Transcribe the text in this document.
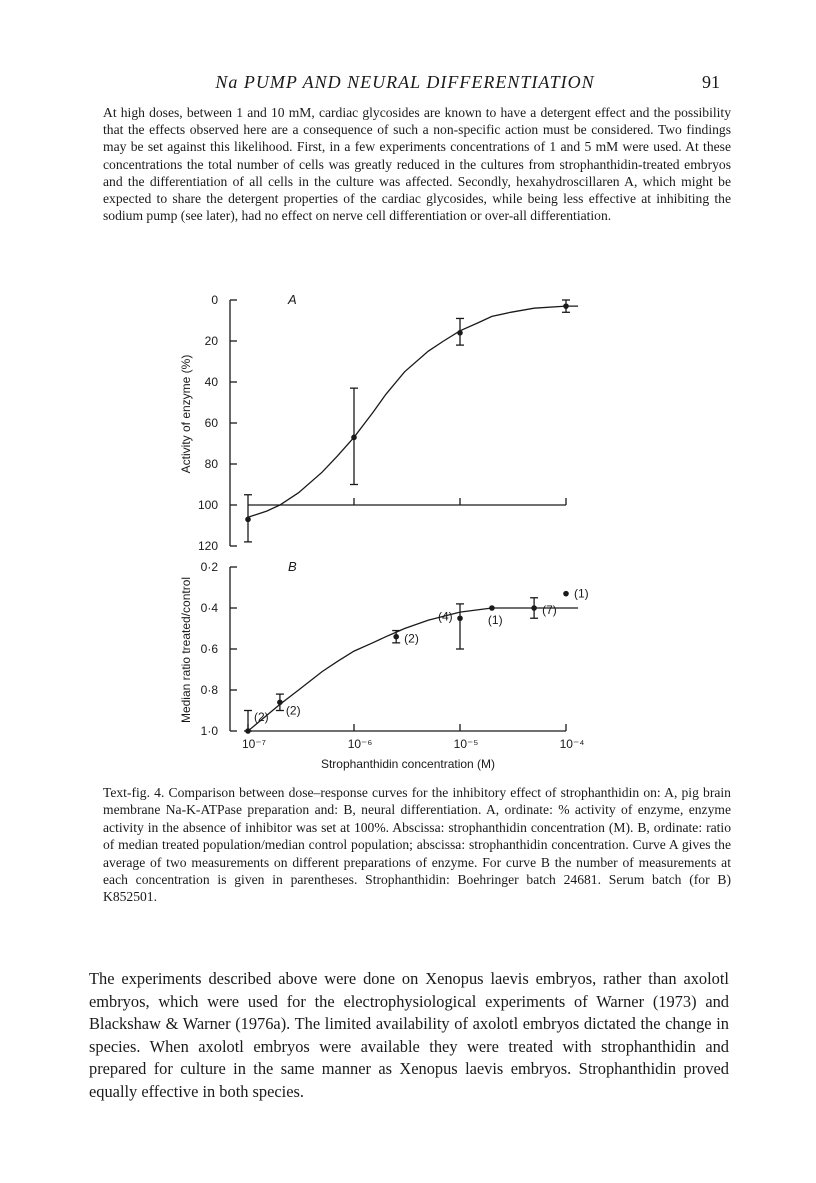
Na PUMP AND NEURAL DIFFERENTIATION	91
At high doses, between 1 and 10 mM, cardiac glycosides are known to have a detergent effect and the possibility that the effects observed here are a consequence of such a non-specific action must be considered. Two findings may be set against this likelihood. First, in a few experiments concentrations of 1 and 5 mM were used. At these concentrations the total number of cells was greatly reduced in the cultures from strophanthidin-treated embryos and the differentiation of all cells in the culture was affected. Secondly, hexahydroscillaren A, which might be expected to share the detergent properties of the cardiac glycosides, while being less effective at inhibiting the sodium pump (see later), had no effect on nerve cell differentiation or over-all differentiation.
0
20
40
60
80
100
120
0·2
0·4
0·6
0·8
1·0
10⁻⁷	10⁻⁶	10⁻⁵	10⁻⁴
A
B
Activity of enzyme (%)
Median ratio treated/control
Strophanthidin concentration (M)
(2) (2)
(2)
(4)	(1)
(7)
(1)
Text-fig. 4. Comparison between dose–response curves for the inhibitory effect of strophanthidin on: A, pig brain membrane Na-K-ATPase preparation and: B, neural differentiation. A, ordinate: % activity of enzyme, enzyme activity in the absence of inhibitor was set at 100%. Abscissa: strophanthidin concentration (M). B, ordinate: ratio of median treated population/median control population; abscissa: strophanthidin concentration. Curve A gives the average of two measurements on different preparations of enzyme. For curve B the number of measurements at each concentration is given in parentheses. Strophanthidin: Boehringer batch 24681. Serum batch (for B) K852501.
The experiments described above were done on Xenopus laevis embryos, rather than axolotl embryos, which were used for the electrophysiological experiments of Warner (1973) and Blackshaw & Warner (1976a). The limited availability of axolotl embryos dictated the change in species. When axolotl embryos were available they were treated with strophanthidin and prepared for culture in the same manner as Xenopus laevis embryos. Strophanthidin proved equally effective in both species.
